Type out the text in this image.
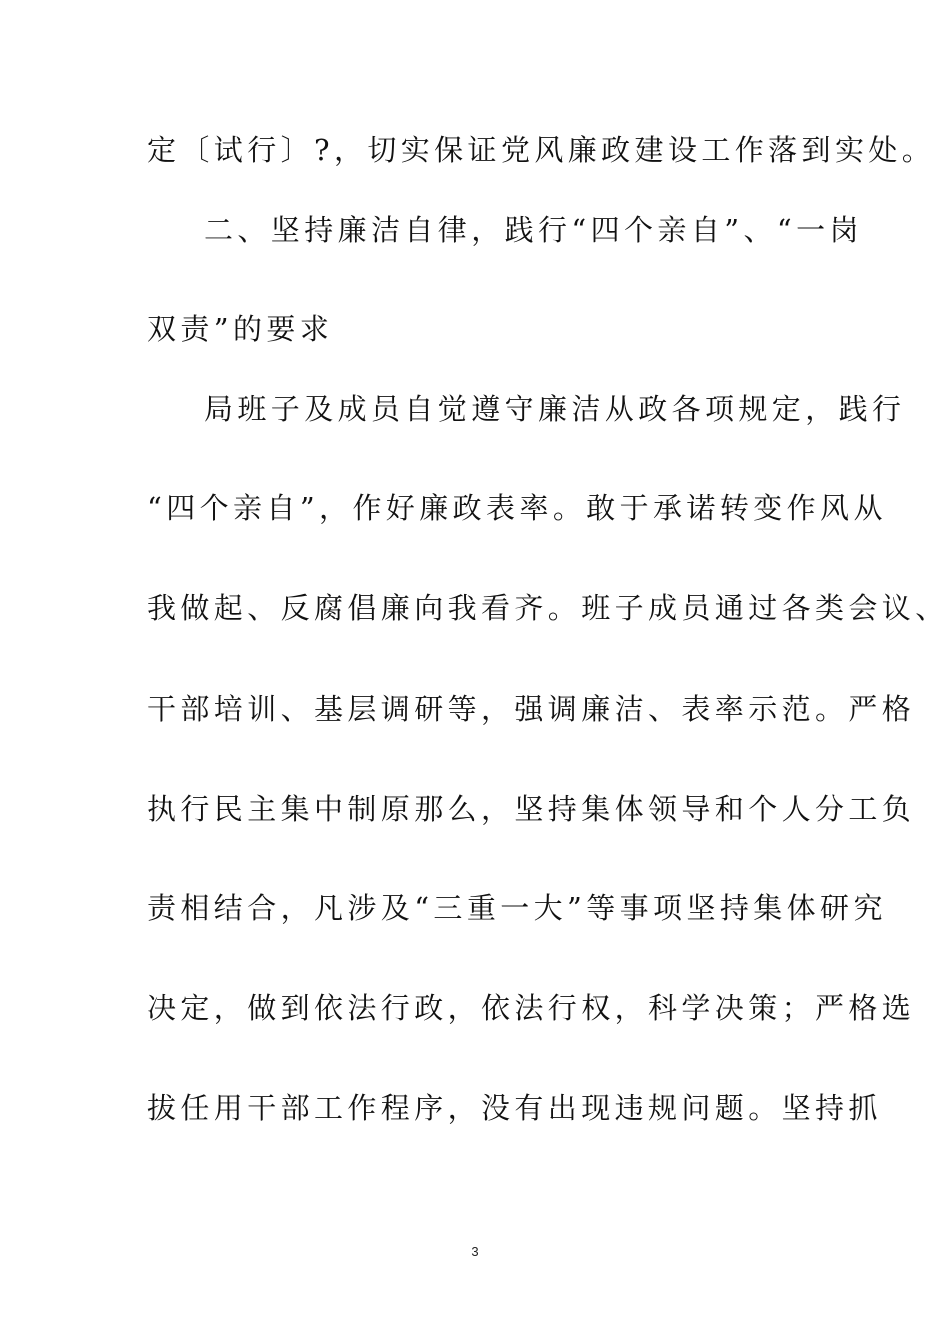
定〔试行〕?，切实保证党风廉政建设工作落到实处。
二、坚持廉洁自律，践行“四个亲自”、“一岗
双责”的要求
局班子及成员自觉遵守廉洁从政各项规定，践行
“四个亲自”，作好廉政表率。敢于承诺转变作风从
我做起、反腐倡廉向我看齐。班子成员通过各类会议、
干部培训、基层调研等，强调廉洁、表率示范。严格
执行民主集中制原那么，坚持集体领导和个人分工负
责相结合，凡涉及“三重一大”等事项坚持集体研究
决定，做到依法行政，依法行权，科学决策；严格选
拔任用干部工作程序，没有出现违规问题。坚持抓
3
